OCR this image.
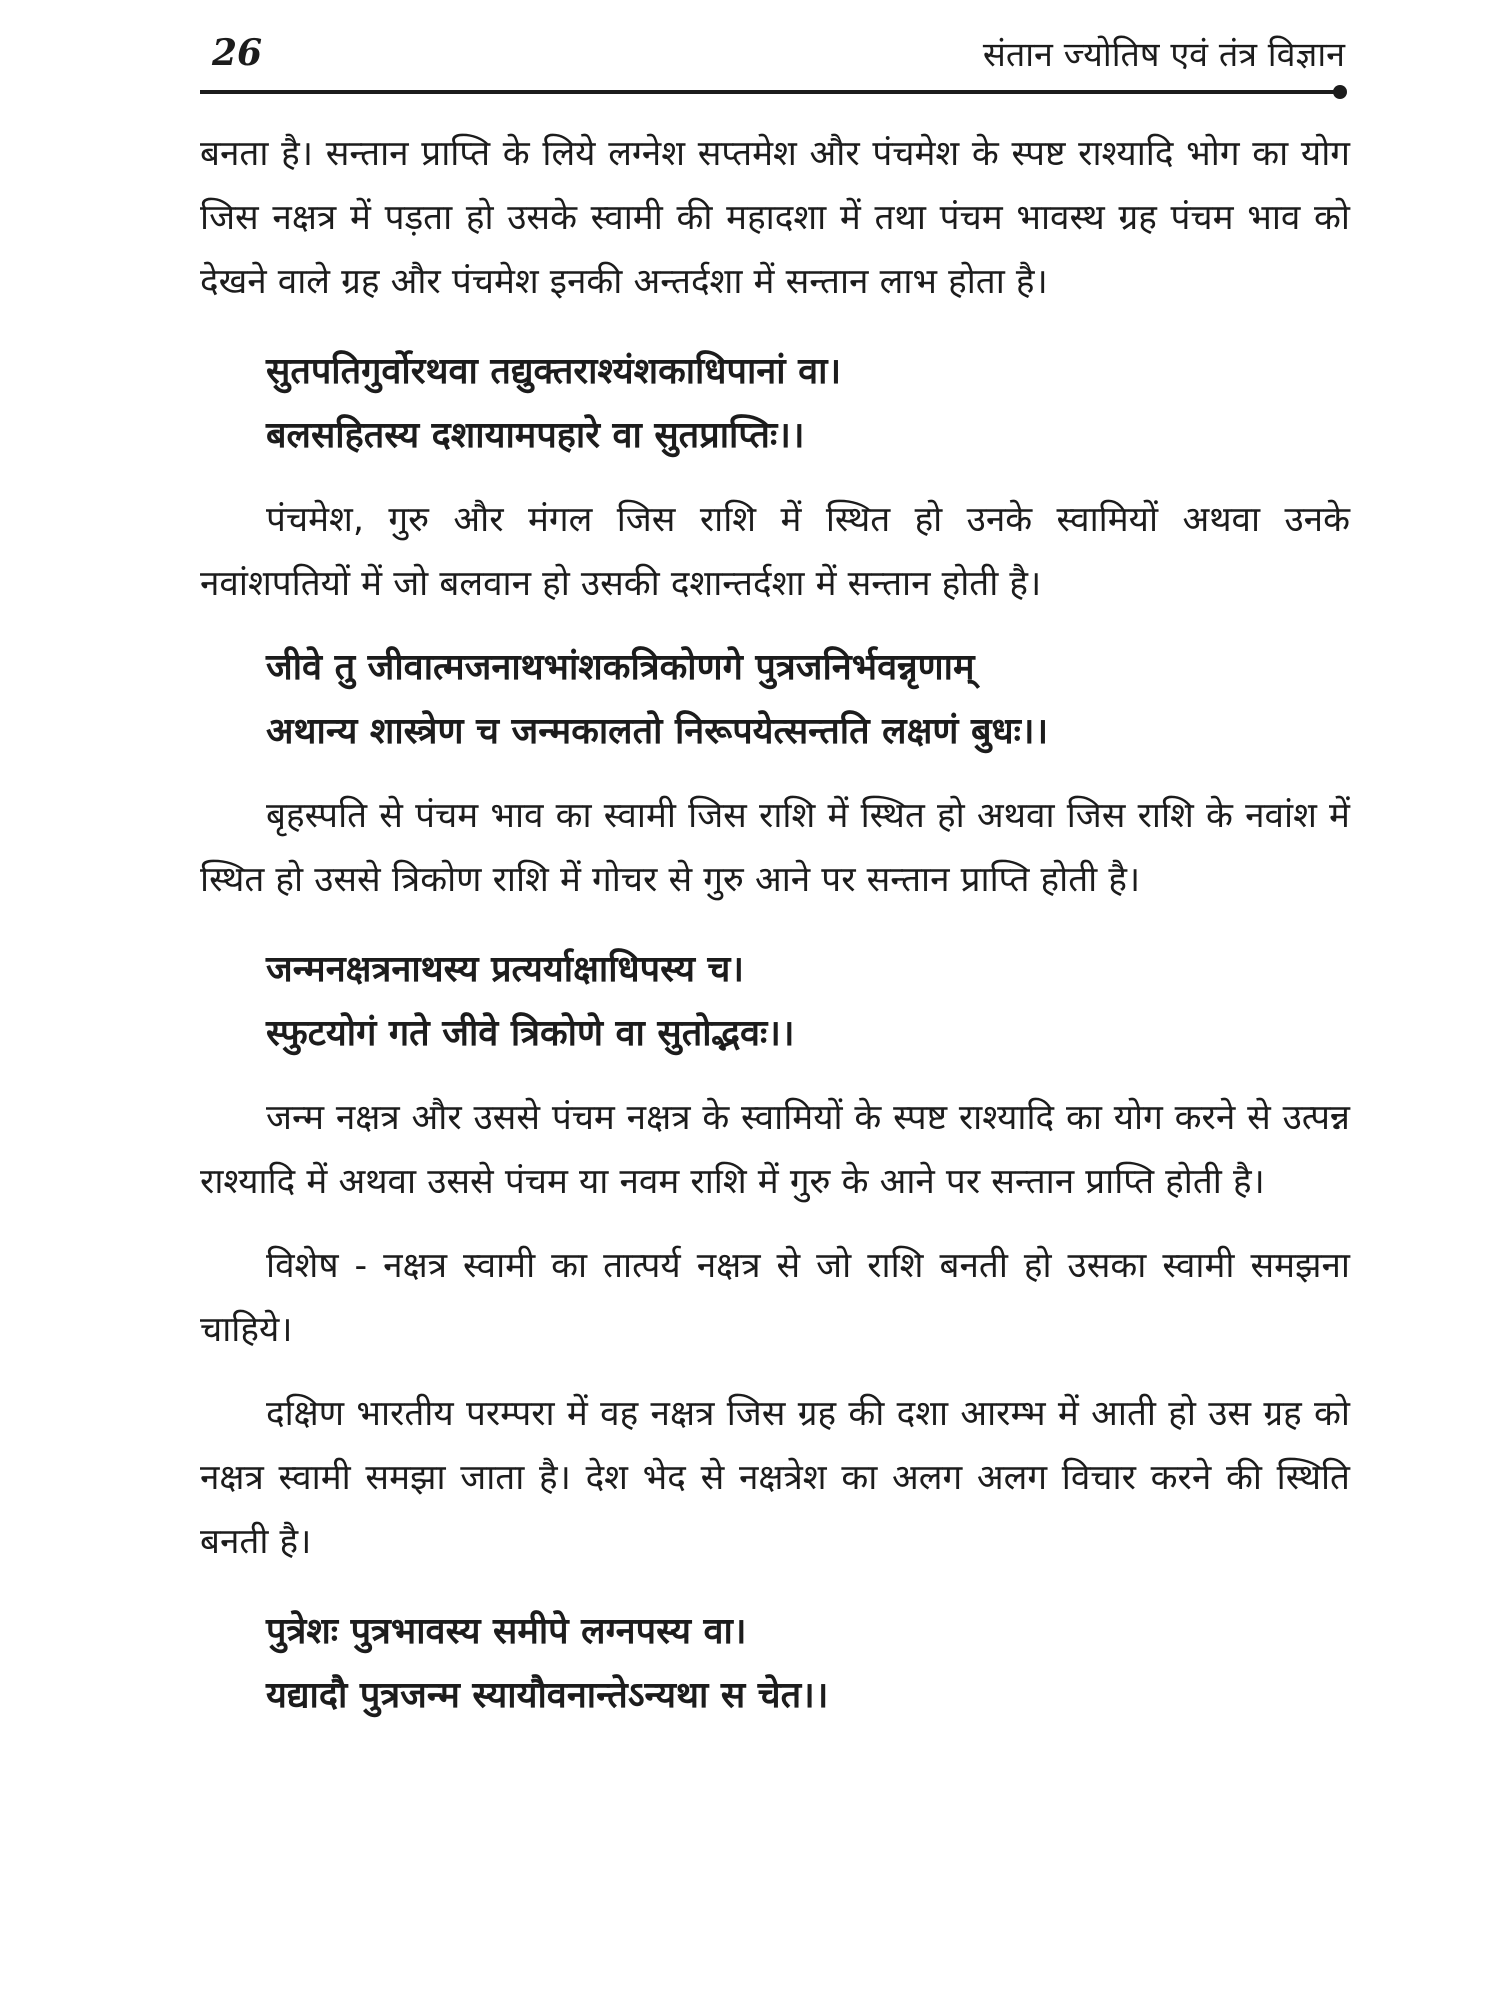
26	संतान ज्योतिष एवं तंत्र विज्ञान

बनता है। सन्तान प्राप्ति के लिये लग्नेश सप्तमेश और पंचमेश के स्पष्ट राश्यादि भोग का योग जिस नक्षत्र में पड़ता हो उसके स्वामी की महादशा में तथा पंचम भावस्थ ग्रह पंचम भाव को देखने वाले ग्रह और पंचमेश इनकी अन्तर्दशा में सन्तान लाभ होता है।

सुतपतिगुर्वोरथवा तद्युक्तराश्यंशकाधिपानां वा।
बलसहितस्य दशायामपहारे वा सुतप्राप्तिः।।

पंचमेश, गुरु और मंगल जिस राशि में स्थित हो उनके स्वामियों अथवा उनके नवांशपतियों में जो बलवान हो उसकी दशान्तर्दशा में सन्तान होती है।

जीवे तु जीवात्मजनाथभांशकत्रिकोणगे पुत्रजनिर्भवन्नृणाम्
अथान्य शास्त्रेण च जन्मकालतो निरूपयेत्सन्तति लक्षणं बुधः।।

बृहस्पति से पंचम भाव का स्वामी जिस राशि में स्थित हो अथवा जिस राशि के नवांश में स्थित हो उससे त्रिकोण राशि में गोचर से गुरु आने पर सन्तान प्राप्ति होती है।

जन्मनक्षत्रनाथस्य प्रत्यर्याक्षाधिपस्य च।
स्फुटयोगं गते जीवे त्रिकोणे वा सुतोद्भवः।।

जन्म नक्षत्र और उससे पंचम नक्षत्र के स्वामियों के स्पष्ट राश्यादि का योग करने से उत्पन्न राश्यादि में अथवा उससे पंचम या नवम राशि में गुरु के आने पर सन्तान प्राप्ति होती है।

विशेष - नक्षत्र स्वामी का तात्पर्य नक्षत्र से जो राशि बनती हो उसका स्वामी समझना चाहिये।

दक्षिण भारतीय परम्परा में वह नक्षत्र जिस ग्रह की दशा आरम्भ में आती हो उस ग्रह को नक्षत्र स्वामी समझा जाता है। देश भेद से नक्षत्रेश का अलग अलग विचार करने की स्थिति बनती है।

पुत्रेशः पुत्रभावस्य समीपे लग्नपस्य वा।
यद्यादौ पुत्रजन्म स्यायौवनान्तेऽन्यथा स चेत।।
